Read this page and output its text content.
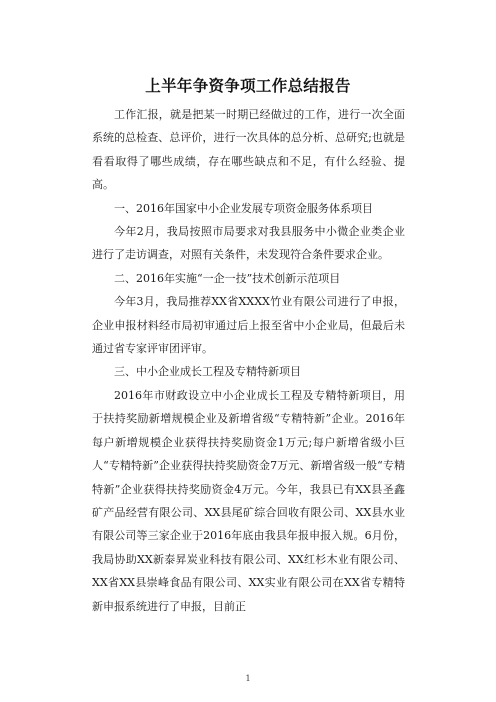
上半年争资争项工作总结报告

工作汇报，就是把某一时期已经做过的工作，进行一次全面系统的总检查、总评价，进行一次具体的总分析、总研究;也就是看看取得了哪些成绩，存在哪些缺点和不足，有什么经验、提高。

一、2016年国家中小企业发展专项资金服务体系项目

今年2月，我局按照市局要求对我县服务中小微企业类企业进行了走访调查，对照有关条件，未发现符合条件要求企业。

二、2016年实施“一企一技”技术创新示范项目

今年3月，我局推荐XX省XXXX竹业有限公司进行了申报，企业申报材料经市局初审通过后上报至省中小企业局，但最后未通过省专家评审团评审。

三、中小企业成长工程及专精特新项目

2016年市财政设立中小企业成长工程及专精特新项目，用于扶持奖励新增规模企业及新增省级“专精特新”企业。2016年每户新增规模企业获得扶持奖励资金1万元;每户新增省级小巨人“专精特新”企业获得扶持奖励资金7万元、新增省级一般“专精特新”企业获得扶持奖励资金4万元。今年，我县已有XX县圣鑫矿产品经营有限公司、XX县尾矿综合回收有限公司、XX县水业有限公司等三家企业于2016年底由我县年报申报入规。6月份，我局协助XX新泰昇炭业科技有限公司、XX红杉木业有限公司、XX省XX县崇峰食品有限公司、XX实业有限公司在XX省专精特新申报系统进行了申报，目前正

1
